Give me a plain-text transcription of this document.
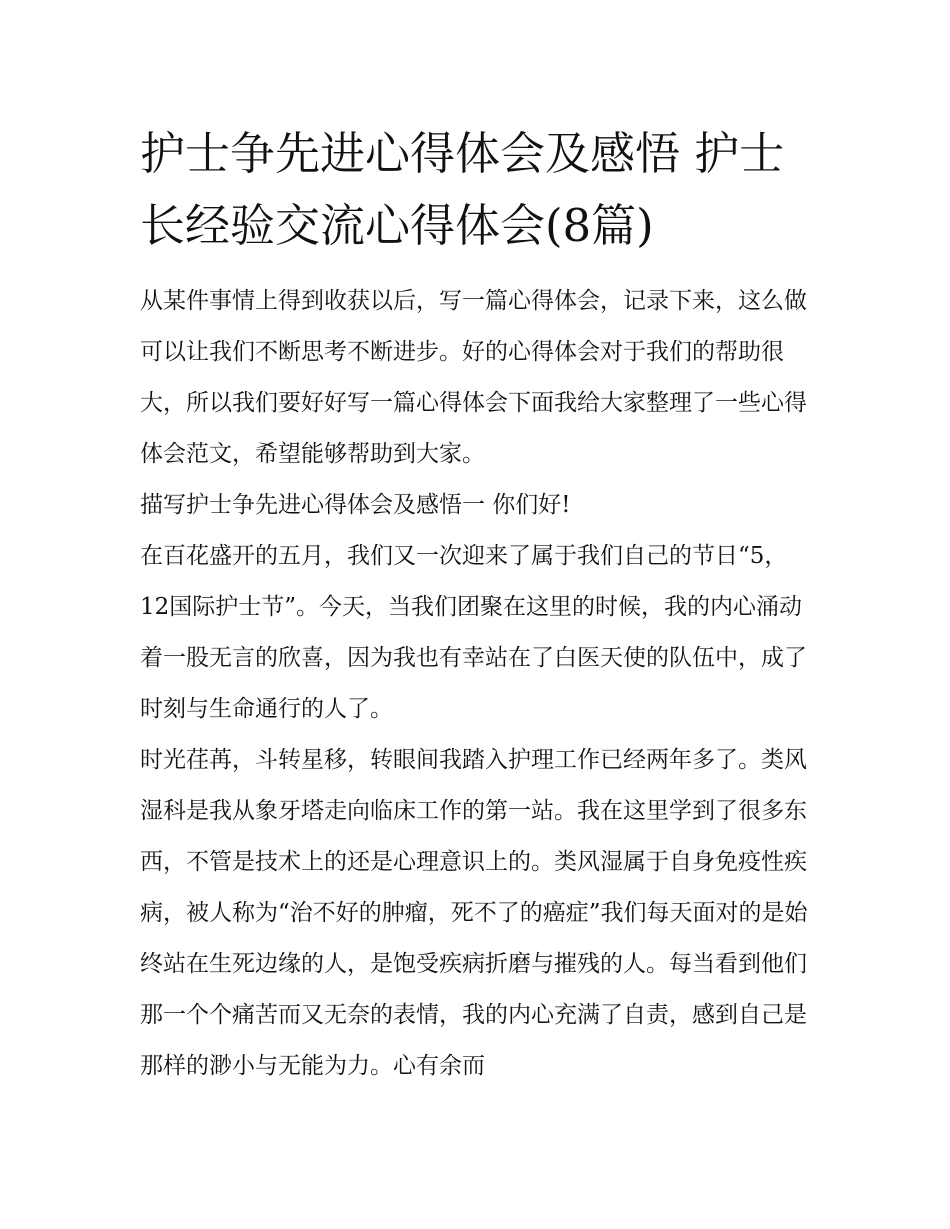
护士争先进心得体会及感悟 护士长经验交流心得体会(8篇)

从某件事情上得到收获以后，写一篇心得体会，记录下来，这么做可以让我们不断思考不断进步。好的心得体会对于我们的帮助很大，所以我们要好好写一篇心得体会下面我给大家整理了一些心得体会范文，希望能够帮助到大家。

描写护士争先进心得体会及感悟一 你们好!

在百花盛开的五月，我们又一次迎来了属于我们自己的节日“5，12国际护士节”。今天，当我们团聚在这里的时候，我的内心涌动着一股无言的欣喜，因为我也有幸站在了白医天使的队伍中，成了时刻与生命通行的人了。

时光荏苒，斗转星移，转眼间我踏入护理工作已经两年多了。类风湿科是我从象牙塔走向临床工作的第一站。我在这里学到了很多东西，不管是技术上的还是心理意识上的。类风湿属于自身免疫性疾病，被人称为“治不好的肿瘤，死不了的癌症”我们每天面对的是始终站在生死边缘的人，是饱受疾病折磨与摧残的人。每当看到他们那一个个痛苦而又无奈的表情，我的内心充满了自责，感到自己是那样的渺小与无能为力。心有余而
